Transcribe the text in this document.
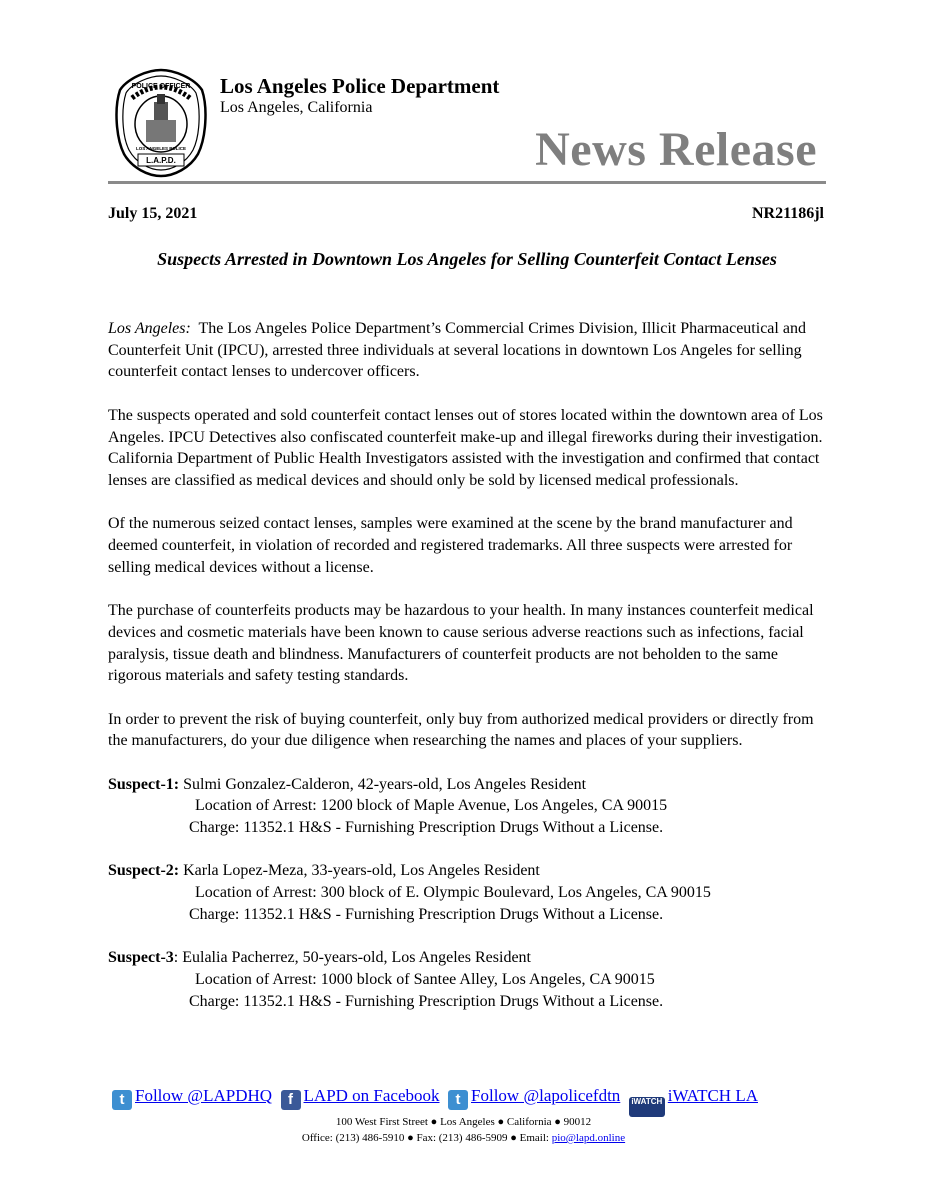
POLICE OFFICER
LOS ANGELES POLICE
L.A.P.D.
Los Angeles Police Department
Los Angeles, California
News Release
July 15, 2021	NR21186jl
Suspects Arrested in Downtown Los Angeles for Selling Counterfeit Contact Lenses

Los Angeles: The Los Angeles Police Department’s Commercial Crimes Division, Illicit Pharmaceutical and Counterfeit Unit (IPCU), arrested three individuals at several locations in downtown Los Angeles for selling counterfeit contact lenses to undercover officers.

The suspects operated and sold counterfeit contact lenses out of stores located within the downtown area of Los Angeles. IPCU Detectives also confiscated counterfeit make-up and illegal fireworks during their investigation. California Department of Public Health Investigators assisted with the investigation and confirmed that contact lenses are classified as medical devices and should only be sold by licensed medical professionals.

Of the numerous seized contact lenses, samples were examined at the scene by the brand manufacturer and deemed counterfeit, in violation of recorded and registered trademarks. All three suspects were arrested for selling medical devices without a license.

The purchase of counterfeits products may be hazardous to your health. In many instances counterfeit medical devices and cosmetic materials have been known to cause serious adverse reactions such as infections, facial paralysis, tissue death and blindness. Manufacturers of counterfeit products are not beholden to the same rigorous materials and safety testing standards.

In order to prevent the risk of buying counterfeit, only buy from authorized medical providers or directly from the manufacturers, do your due diligence when researching the names and places of your suppliers.

Suspect-1: Sulmi Gonzalez-Calderon, 42-years-old, Los Angeles Resident
Location of Arrest: 1200 block of Maple Avenue, Los Angeles, CA 90015
Charge: 11352.1 H&S - Furnishing Prescription Drugs Without a License.
Suspect-2: Karla Lopez-Meza, 33-years-old, Los Angeles Resident
Location of Arrest: 300 block of E. Olympic Boulevard, Los Angeles, CA 90015
Charge: 11352.1 H&S - Furnishing Prescription Drugs Without a License.
Suspect-3: Eulalia Pacherrez, 50-years-old, Los Angeles Resident
Location of Arrest: 1000 block of Santee Alley, Los Angeles, CA 90015
Charge: 11352.1 H&S - Furnishing Prescription Drugs Without a License.
t Follow @LAPDHQ f LAPD on Facebook t Follow @lapolicefdtn iWATCH iWATCH LA
100 West First Street ● Los Angeles ● California ● 90012
Office: (213) 486-5910 ● Fax: (213) 486-5909 ● Email: pio@lapd.online
